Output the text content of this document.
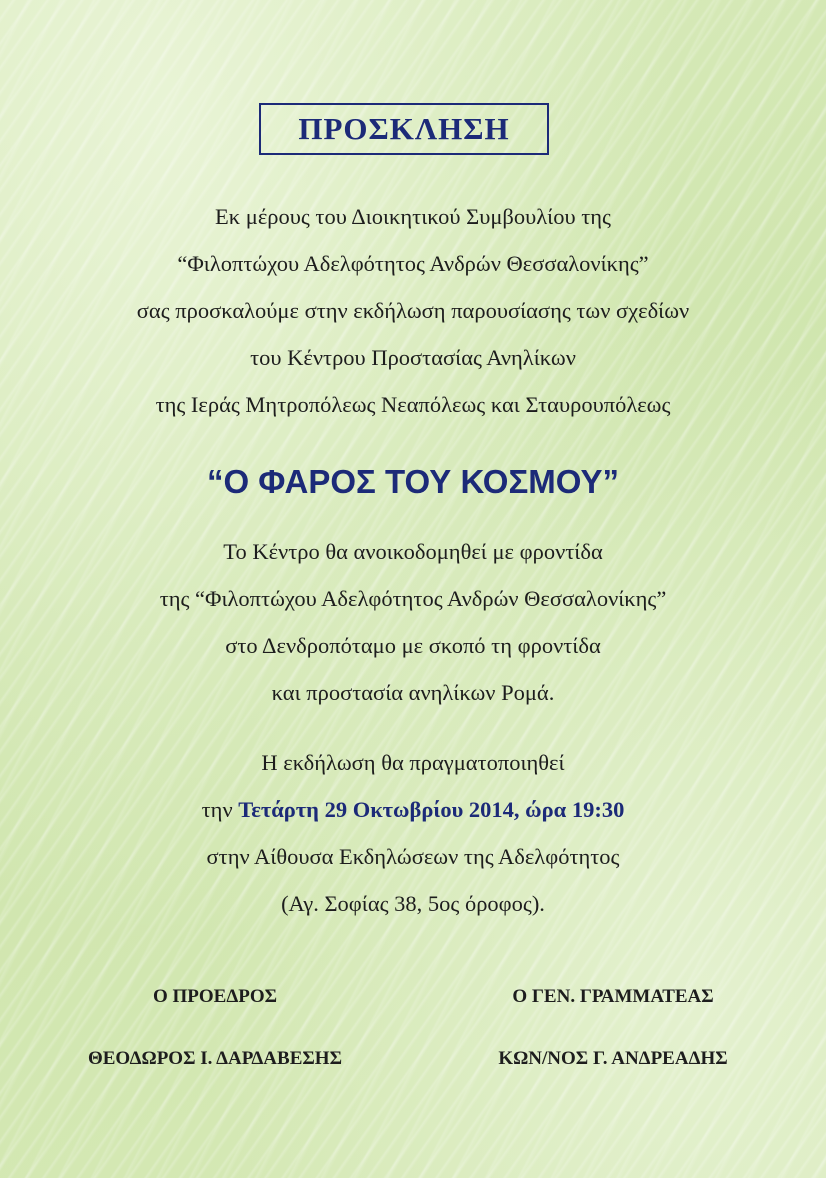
ΠΡΟΣΚΛΗΣΗ

Εκ μέρους του Διοικητικού Συμβουλίου της

“Φιλοπτώχου Αδελφότητος Ανδρών Θεσσαλονίκης”

σας προσκαλούμε στην εκδήλωση παρουσίασης των σχεδίων

του Κέντρου Προστασίας Ανηλίκων

της Ιεράς Μητροπόλεως Νεαπόλεως και Σταυρουπόλεως

“Ο ΦΑΡΟΣ ΤΟΥ ΚΟΣΜΟΥ”

Το Κέντρο θα ανοικοδομηθεί με φροντίδα

της “Φιλοπτώχου Αδελφότητος Ανδρών Θεσσαλονίκης”

στο Δενδροπόταμο με σκοπό τη φροντίδα

και προστασία ανηλίκων Ρομά.

Η εκδήλωση θα πραγματοποιηθεί

την Τετάρτη 29 Οκτωβρίου 2014, ώρα 19:30

στην Αίθουσα Εκδηλώσεων της Αδελφότητος

(Αγ. Σοφίας 38, 5ος όροφος).

Ο ΠΡΟΕΔΡΟΣ	Ο ΓΕΝ. ΓΡΑΜΜΑΤΕΑΣ
ΘΕΟΔΩΡΟΣ Ι. ΔΑΡΔΑΒΕΣΗΣ	ΚΩΝ/ΝΟΣ Γ. ΑΝΔΡΕΑΔΗΣ
